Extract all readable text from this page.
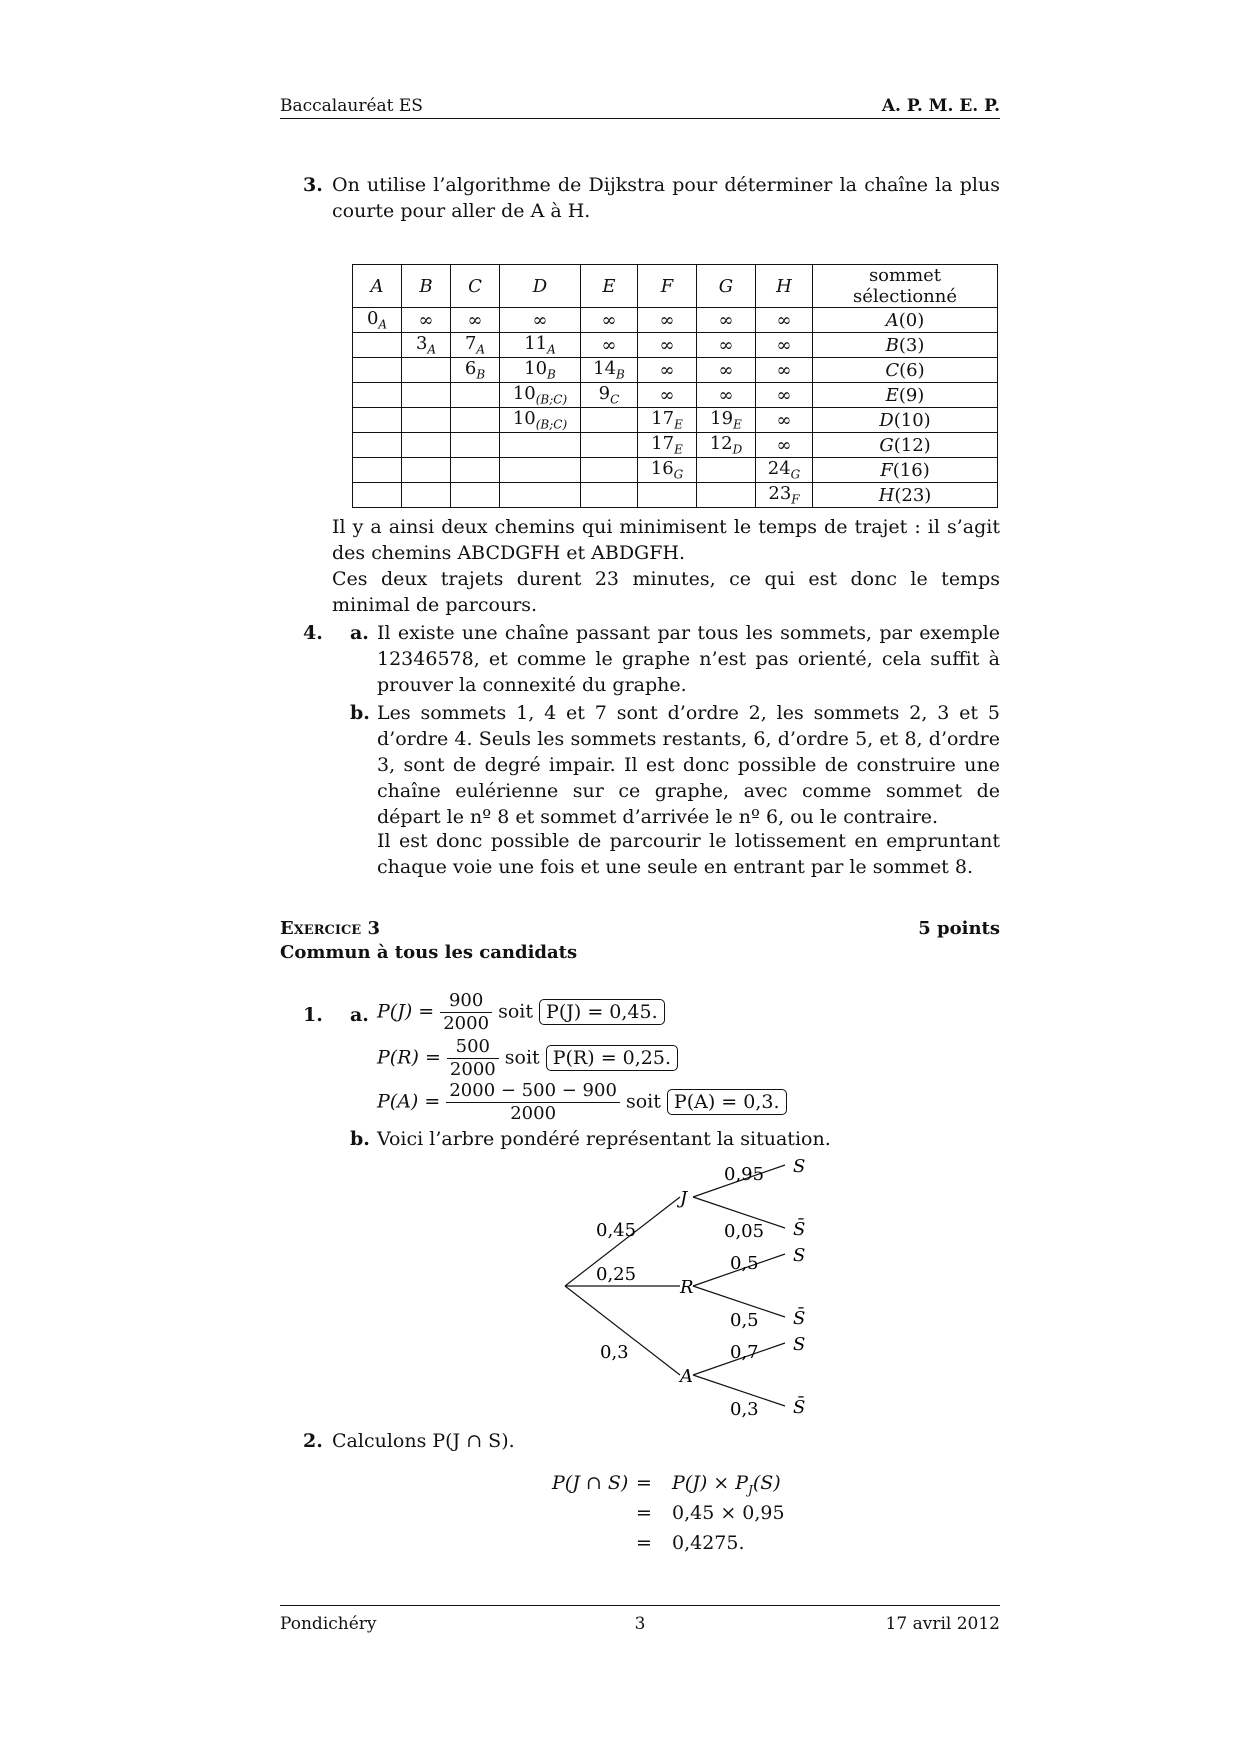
Baccalauréat ES	A. P. M. E. P.
3. On utilise l’algorithme de Dijkstra pour déterminer la chaîne la plus courte pour aller de A à H.
A	B	C	D	E	F	G	H	sommet sélectionné
$0_A$	∞	∞	∞	∞	∞	∞	∞	A(0)
	$3_A$	$7_A$	$11_A$	∞	∞	∞	∞	B(3)
		$6_B$	$10_B$	$14_B$	∞	∞	∞	C(6)
			$10_{(B;C)}$	$9_C$	∞	∞	∞	E(9)
			$10_{(B;C)}$		$17_E$	$19_E$	∞	D(10)
					$17_E$	$12_D$	∞	G(12)
					$16_G$		$24_G$	F(16)
							$23_F$	H(23)
Il y a ainsi deux chemins qui minimisent le temps de trajet : il s’agit des chemins ABCDGFH et ABDGFH.
Ces deux trajets durent 23 minutes, ce qui est donc le temps minimal de parcours.
4. a. Il existe une chaîne passant par tous les sommets, par exemple 12346578, et comme le graphe n’est pas orienté, cela suffit à prouver la connexité du graphe.
b. Les sommets 1, 4 et 7 sont d’ordre 2, les sommets 2, 3 et 5 d’ordre 4. Seuls les sommets restants, 6, d’ordre 5, et 8, d’ordre 3, sont de degré impair. Il est donc possible de construire une chaîne eulérienne sur ce graphe, avec comme sommet de départ le nº 8 et sommet d’arrivée le nº 6, ou le contraire.
Il est donc possible de parcourir le lotissement en empruntant chaque voie une fois et une seule en entrant par le sommet 8.
Exercice 3	5 points
Commun à tous les candidats
1. a. $P(J) = \frac{900}{2000}$ soit P(J) = 0,45.
$P(R) = \frac{500}{2000}$ soit P(R) = 0,25.
$P(A) = \frac{2000 - 500 - 900}{2000}$ soit P(A) = 0,3.
b. Voici l’arbre pondéré représentant la situation.
J
R
A
0,45
0,25
0,3
0,95
0,05
0,5
0,5
0,7
0,3
S
S̄
S
S̄
S
S̄
2. Calculons P(J ∩ S).
P(J ∩ $S) = P(J) \times P_J(S)$
= 0,45 × 0,95
= 0,4275.
Pondichéry	3	17 avril 2012
